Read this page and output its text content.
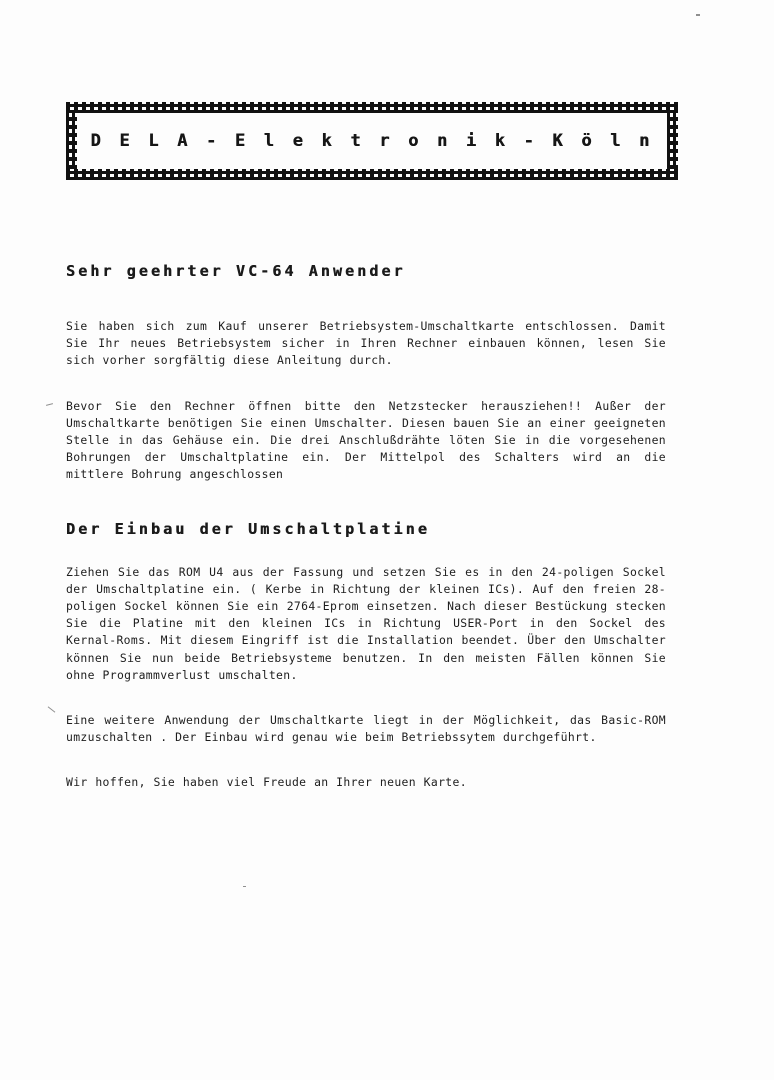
D E L A - E l e k t r o n i k - K ö l n
Sehr geehrter VC-64 Anwender

Sie haben sich zum Kauf unserer Betriebsystem-Umschaltkarte entschlossen. Damit Sie Ihr neues Betriebsystem sicher in Ihren Rechner einbauen können, lesen Sie sich vorher sorgfältig diese Anleitung durch.

Bevor Sie den Rechner öffnen bitte den Netzstecker herausziehen!! Außer der Umschaltkarte benötigen Sie einen Umschalter. Diesen bauen Sie an einer geeigneten Stelle in das Gehäuse ein. Die drei Anschlußdrähte löten Sie in die vorgesehenen Bohrungen der Umschaltplatine ein. Der Mittelpol des Schalters wird an die mittlere Bohrung angeschlossen

Der Einbau der Umschaltplatine

Ziehen Sie das ROM U4 aus der Fassung und setzen Sie es in den 24-poligen Sockel der Umschaltplatine ein. ( Kerbe in Richtung der kleinen ICs). Auf den freien 28-poligen Sockel können Sie ein 2764-Eprom einsetzen. Nach dieser Bestückung stecken Sie die Platine mit den kleinen ICs in Richtung USER-Port in den Sockel des Kernal-Roms. Mit diesem Eingriff ist die Installation beendet. Über den Umschalter können Sie nun beide Betriebsysteme benutzen. In den meisten Fällen können Sie ohne Programmverlust umschalten.

Eine weitere Anwendung der Umschaltkarte liegt in der Möglichkeit, das Basic-ROM umzuschalten . Der Einbau wird genau wie beim Betriebssytem durchgeführt.

Wir hoffen, Sie haben viel Freude an Ihrer neuen Karte.
